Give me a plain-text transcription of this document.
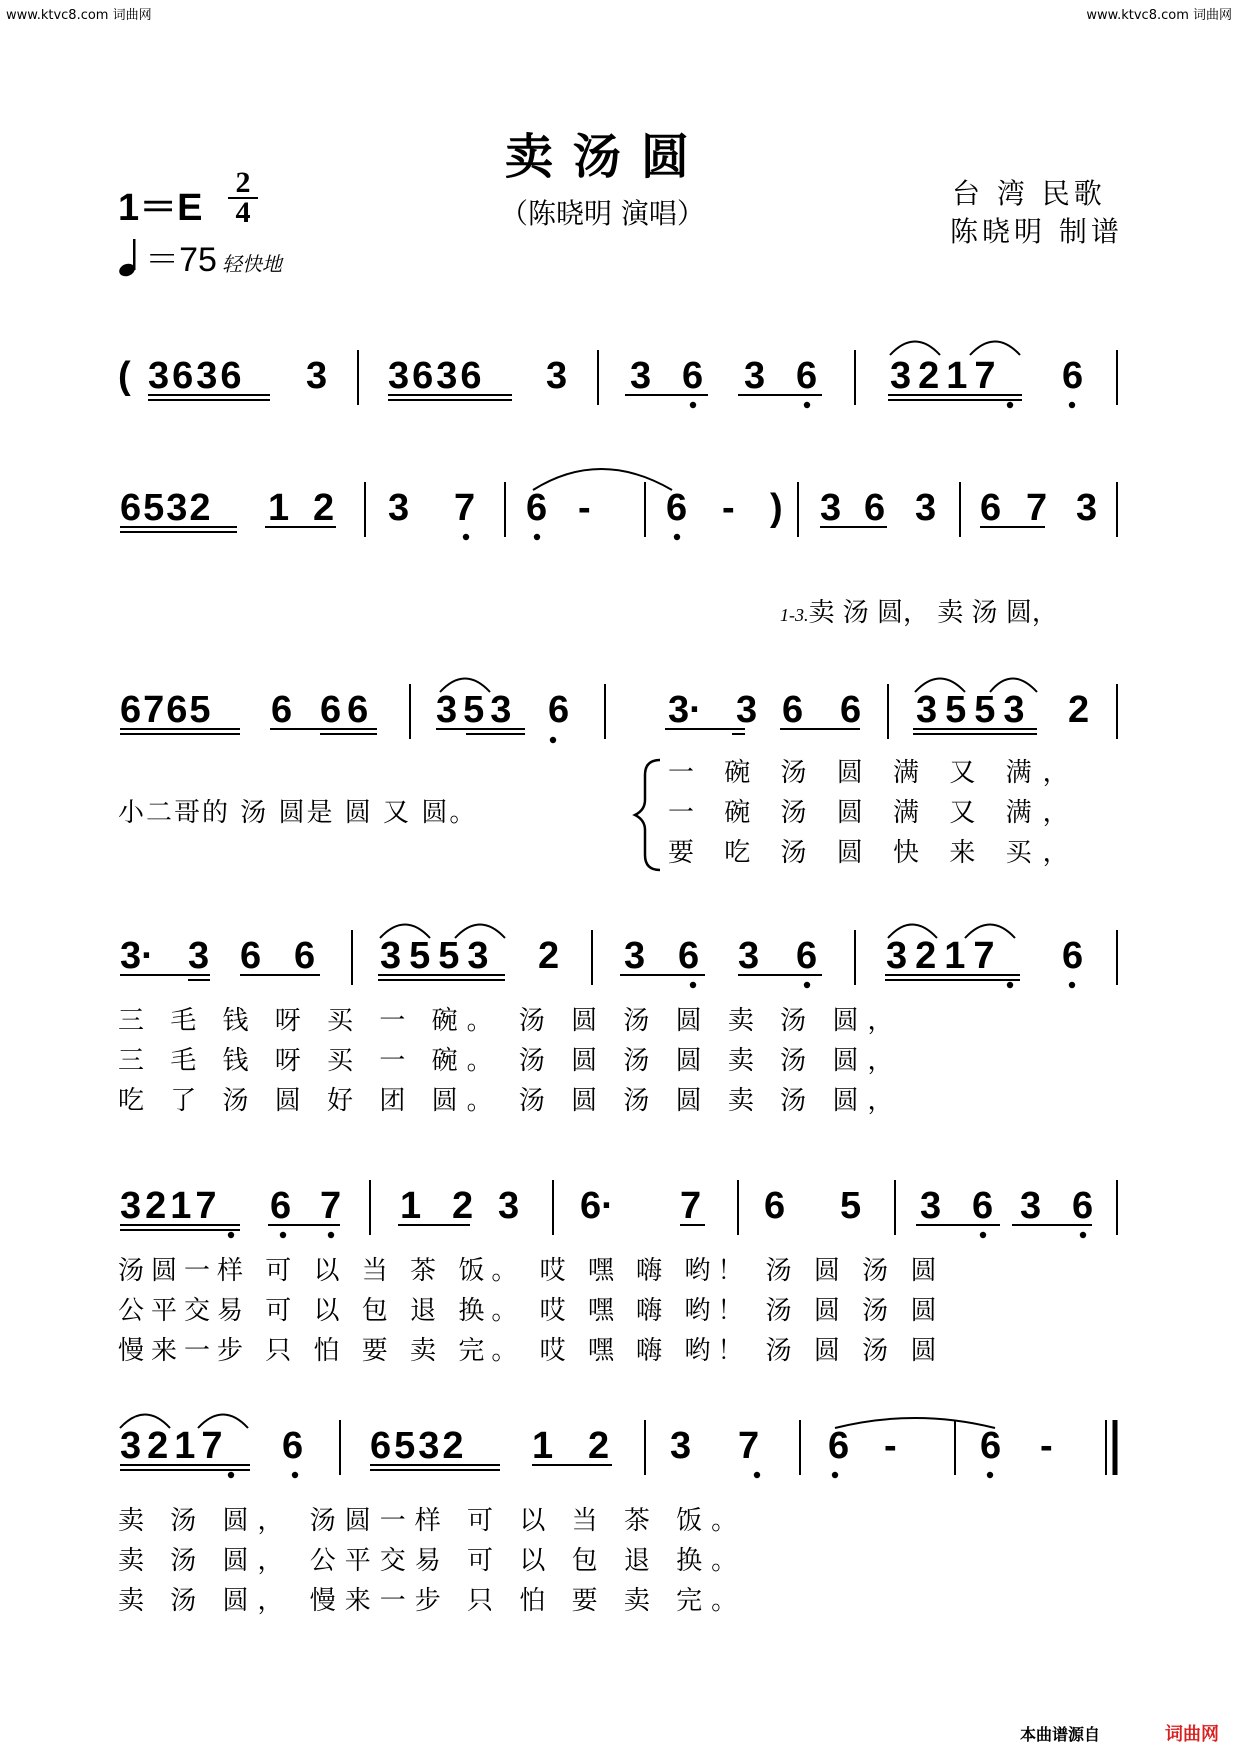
www.ktvc8.com 词曲网	www.ktvc8.com 词曲网
卖汤圆
（陈晓明 演唱）
台 湾 民歌
陈晓明 制谱
1＝E
2
4
＝75 轻快地
( 3636 3 3636 3 3 6 3 6 3217 6
6532 1 2 3 7 6 - 6 - ) 3 6 3 6 7 3
1-3.卖 汤 圆， 卖 汤 圆，
6765 6 66 353 6	3· 3 6 6 3553 2
小二哥的 汤 圆是 圆 又 圆。
一 碗 汤 圆 满 又 满，
一 碗 汤 圆 满 又 满，
要 吃 汤 圆 快 来 买，
3· 3 6 6 3553 2 3 6 3 6 3217 6
三 毛 钱 呀 买 一 碗。 汤 圆 汤 圆 卖 汤 圆，
三 毛 钱 呀 买 一 碗。 汤 圆 汤 圆 卖 汤 圆，
吃 了 汤 圆 好 团 圆。 汤 圆 汤 圆 卖 汤 圆，
3217 6 7 1 2 3 6· 7 6 5 3 6 3 6
汤圆一样 可 以 当 茶 饭。 哎 嘿 嗨 哟！ 汤 圆 汤 圆
公平交易 可 以 包 退 换。 哎 嘿 嗨 哟！ 汤 圆 汤 圆
慢来一步 只 怕 要 卖 完。 哎 嘿 嗨 哟！ 汤 圆 汤 圆
3217 6 6532 1 2 3 7 6 - 6 -
卖 汤 圆， 汤圆一样 可 以 当 茶 饭。
卖 汤 圆， 公平交易 可 以 包 退 换。
卖 汤 圆， 慢来一步 只 怕 要 卖 完。
本曲谱源自	词曲网
